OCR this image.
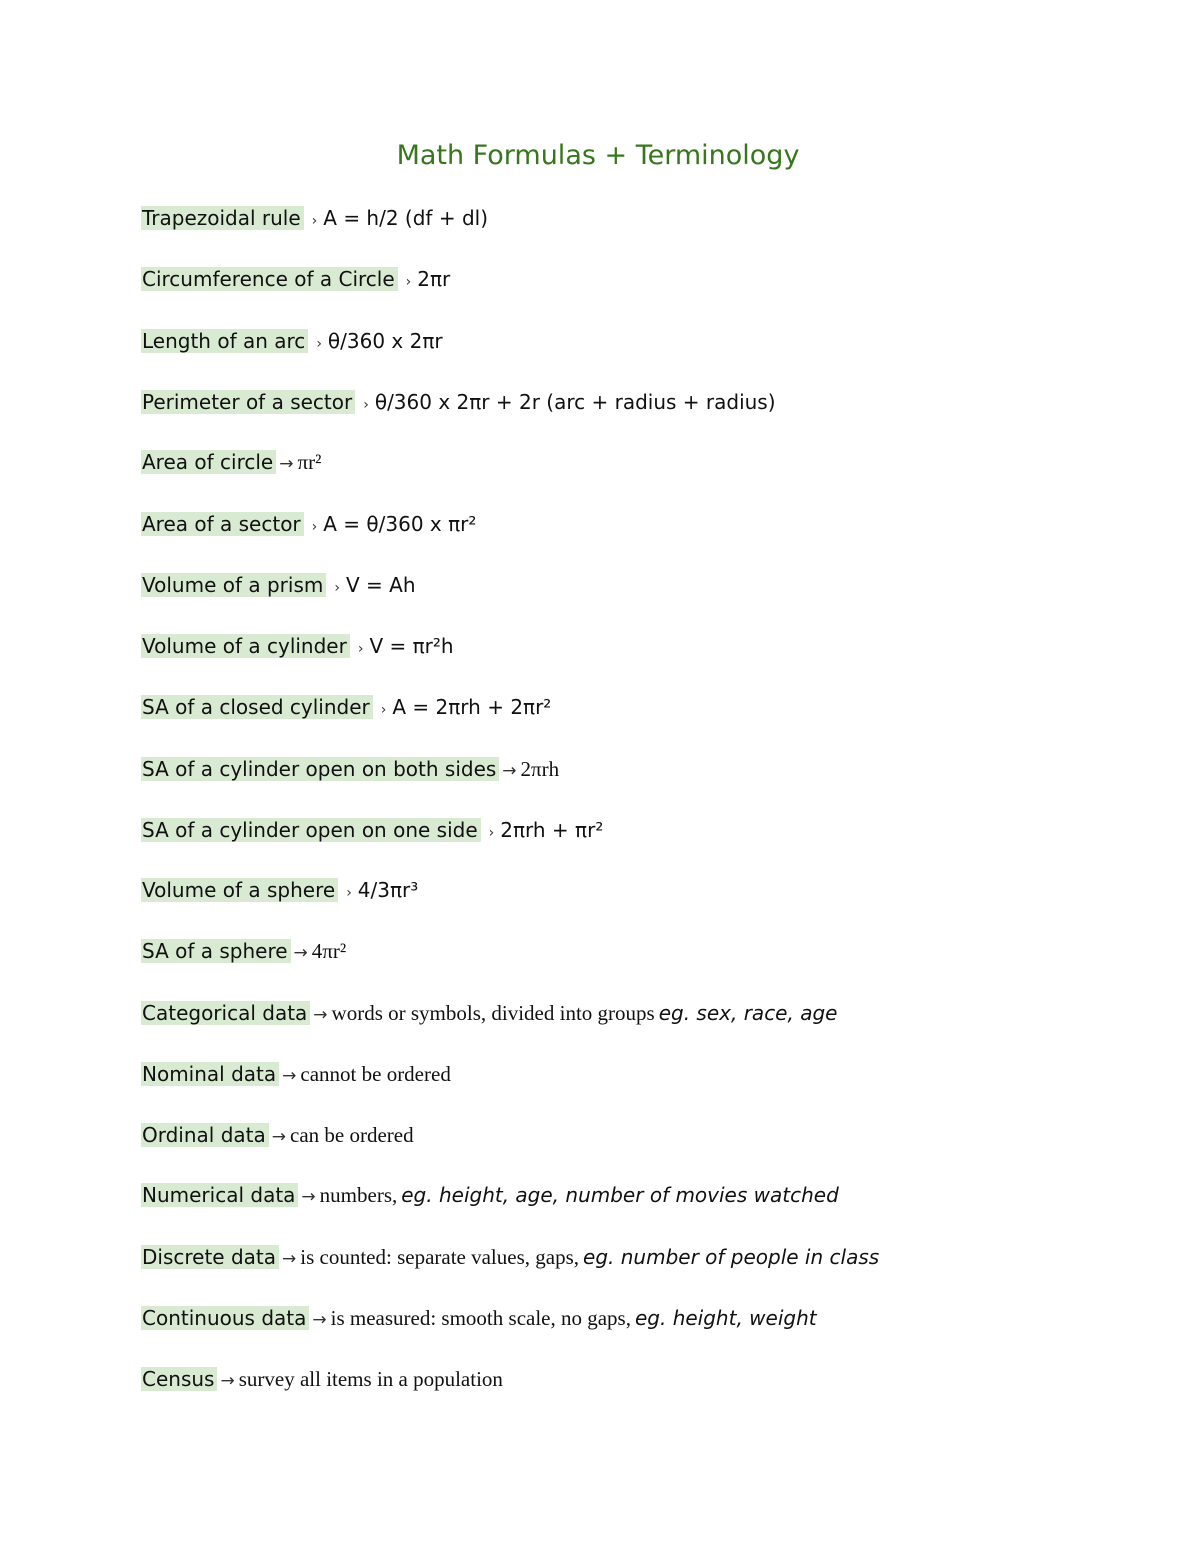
Math Formulas + Terminology
Trapezoidal rule › A = h/2 (df + dl)
Circumference of a Circle › 2πr
Length of an arc › θ/360 x 2πr
Perimeter of a sector › θ/360 x 2πr + 2r (arc + radius + radius)
Area of circle → πr²
Area of a sector › A = θ/360 x πr²
Volume of a prism › V = Ah
Volume of a cylinder › V = πr²h
SA of a closed cylinder › A = 2πrh + 2πr²
SA of a cylinder open on both sides → 2πrh
SA of a cylinder open on one side › 2πrh + πr²
Volume of a sphere › 4/3πr³
SA of a sphere → 4πr²
Categorical data → words or symbols, divided into groups eg. sex, race, age
Nominal data → cannot be ordered
Ordinal data → can be ordered
Numerical data → numbers, eg. height, age, number of movies watched
Discrete data → is counted: separate values, gaps, eg. number of people in class
Continuous data → is measured: smooth scale, no gaps, eg. height, weight
Census → survey all items in a population
